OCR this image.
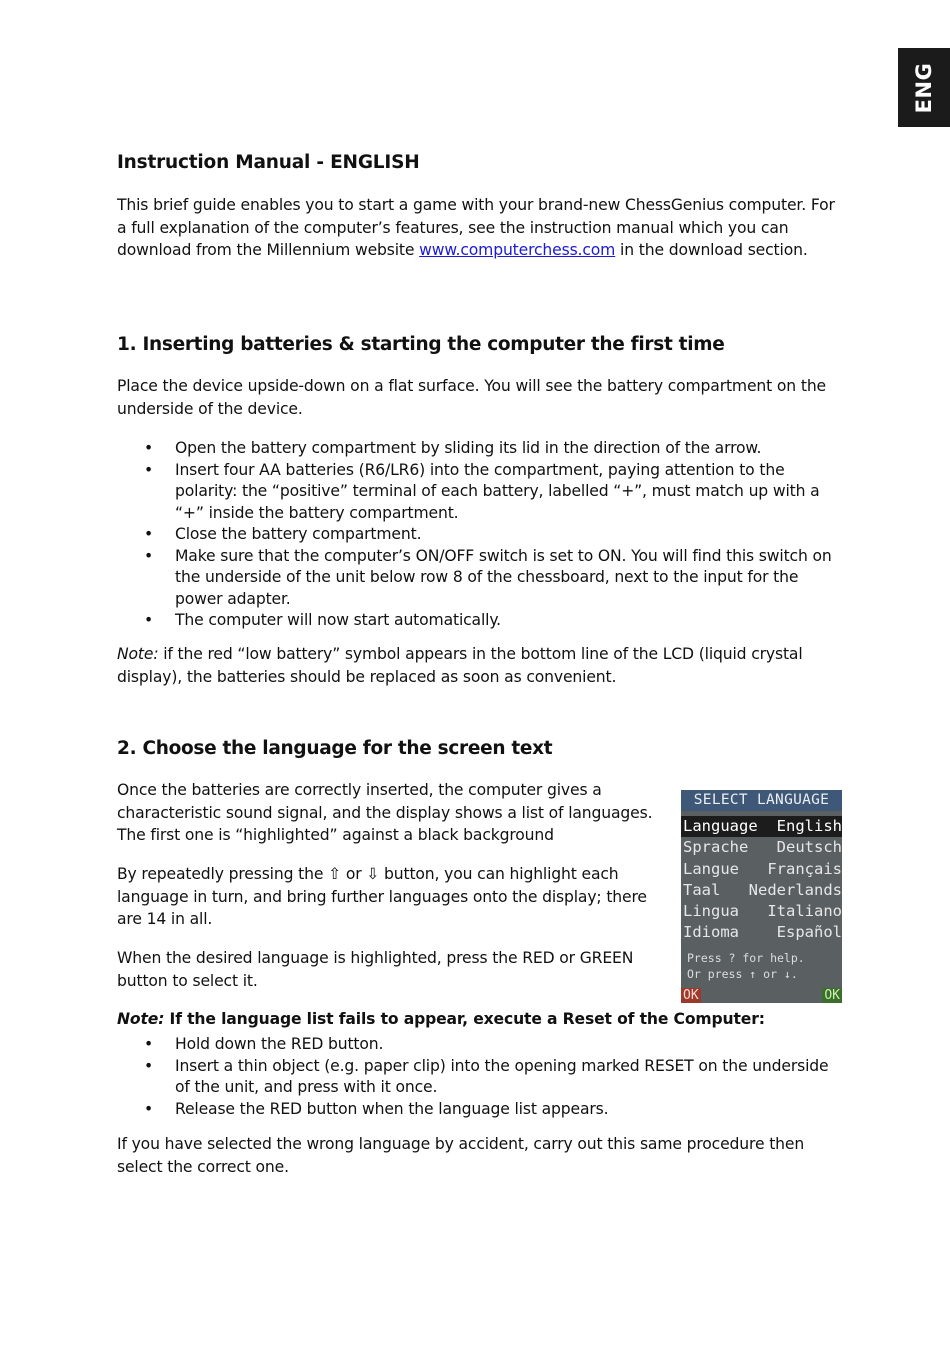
ENG
Instruction Manual - ENGLISH

This brief guide enables you to start a game with your brand-new ChessGenius computer. For a full explanation of the computer’s features, see the instruction manual which you can download from the Millennium website www.computerchess.com in the download section.

1. Inserting batteries & starting the computer the first time

Place the device upside-down on a flat surface. You will see the battery compartment on the underside of the device.

• Open the battery compartment by sliding its lid in the direction of the arrow.
• Insert four AA batteries (R6/LR6) into the compartment, paying attention to the polarity: the “positive” terminal of each battery, labelled “+”, must match up with a “+” inside the battery compartment.
• Close the battery compartment.
• Make sure that the computer’s ON/OFF switch is set to ON. You will find this switch on the underside of the unit below row 8 of the chessboard, next to the input for the power adapter.
• The computer will now start automatically.

Note: if the red “low battery” symbol appears in the bottom line of the LCD (liquid crystal display), the batteries should be replaced as soon as convenient.

2. Choose the language for the screen text

Once the batteries are correctly inserted, the computer gives a characteristic sound signal, and the display shows a list of languages. The first one is “highlighted” against a black background

By repeatedly pressing the ⇧ or ⇩ button, you can highlight each language in turn, and bring further languages onto the display; there are 14 in all.

When the desired language is highlighted, press the RED or GREEN button to select it.

Note: If the language list fails to appear, execute a Reset of the Computer:

• Hold down the RED button.
• Insert a thin object (e.g. paper clip) into the opening marked RESET on the underside of the unit, and press with it once.
• Release the RED button when the language list appears.

If you have selected the wrong language by accident, carry out this same procedure then select the correct one.

SELECT LANGUAGE
Language English
Sprache Deutsch
Langue Français
Taal Nederlands
Lingua Italiano
Idioma Español
Press ? for help.
Or press ↑ or ↓.
OK	OK
